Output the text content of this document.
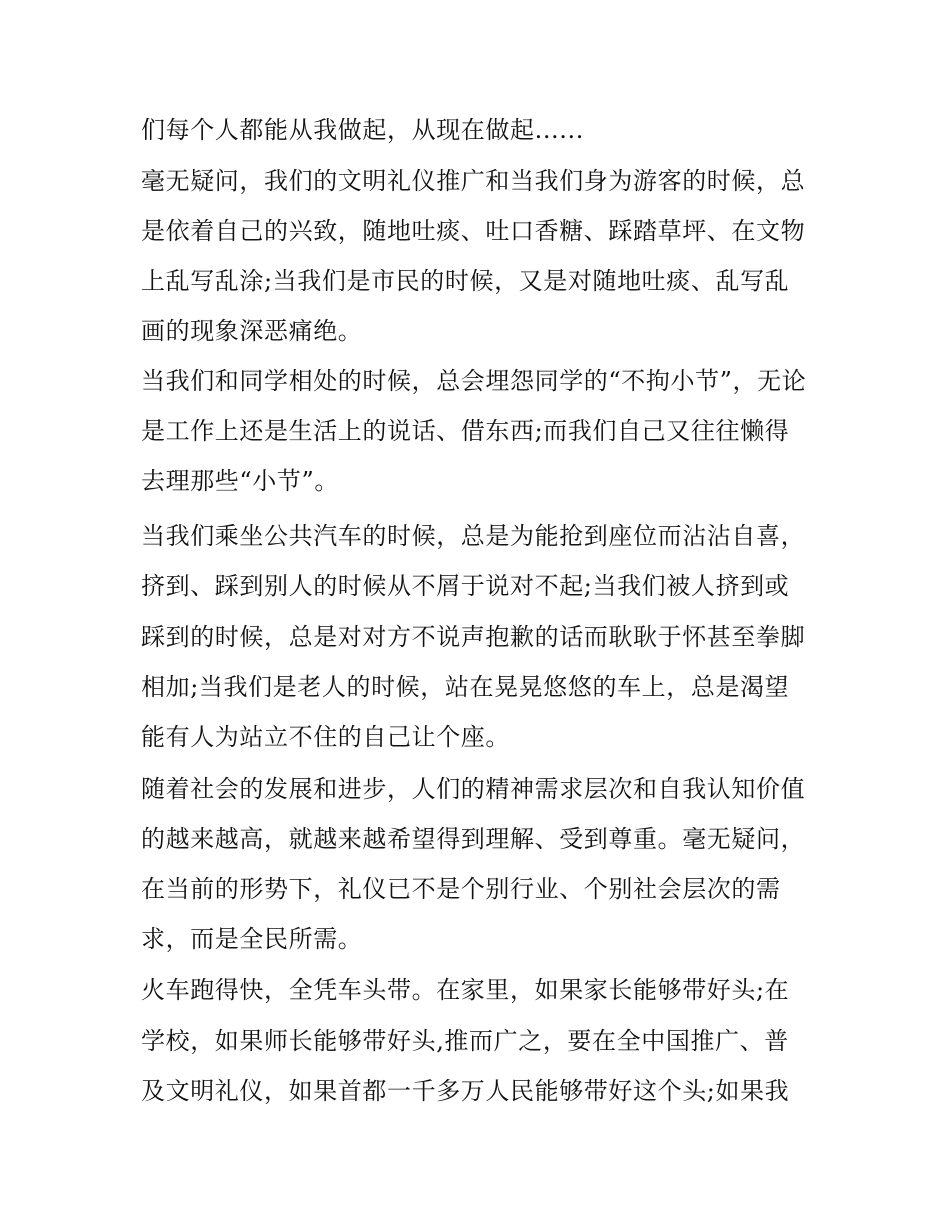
们每个人都能从我做起，从现在做起......
毫无疑问，我们的文明礼仪推广和当我们身为游客的时候，总
是依着自己的兴致，随地吐痰、吐口香糖、踩踏草坪、在文物
上乱写乱涂;当我们是市民的时候，又是对随地吐痰、乱写乱
画的现象深恶痛绝。
当我们和同学相处的时候，总会埋怨同学的“不拘小节”，无论
是工作上还是生活上的说话、借东西;而我们自己又往往懒得
去理那些“小节”。
当我们乘坐公共汽车的时候，总是为能抢到座位而沾沾自喜，
挤到、踩到别人的时候从不屑于说对不起;当我们被人挤到或
踩到的时候，总是对对方不说声抱歉的话而耿耿于怀甚至拳脚
相加;当我们是老人的时候，站在晃晃悠悠的车上，总是渴望
能有人为站立不住的自己让个座。
随着社会的发展和进步，人们的精神需求层次和自我认知价值
的越来越高，就越来越希望得到理解、受到尊重。毫无疑问，
在当前的形势下，礼仪已不是个别行业、个别社会层次的需
求，而是全民所需。
火车跑得快，全凭车头带。在家里，如果家长能够带好头;在
学校，如果师长能够带好头,推而广之，要在全中国推广、普
及文明礼仪，如果首都一千多万人民能够带好这个头;如果我
